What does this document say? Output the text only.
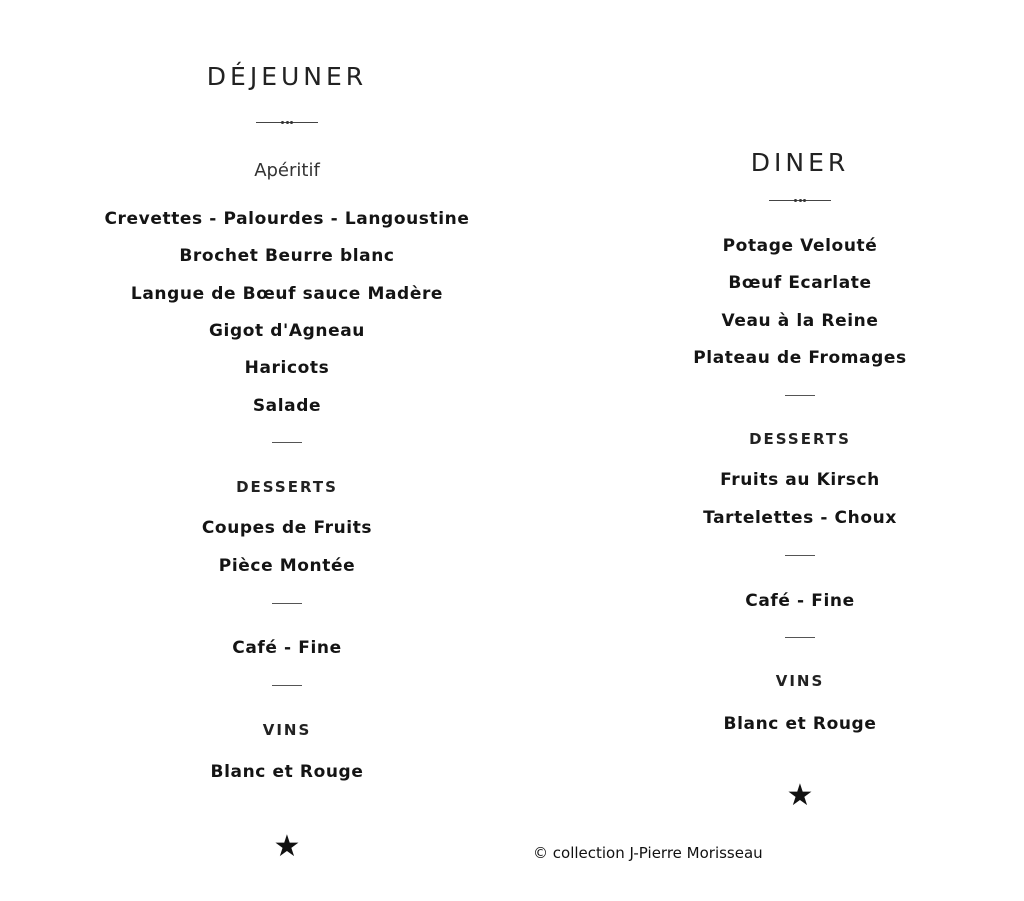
DÉJEUNER
Apéritif
Crevettes - Palourdes - Langoustine
Brochet Beurre blanc
Langue de Bœuf sauce Madère
Gigot d'Agneau
Haricots
Salade
DESSERTS
Coupes de Fruits
Pièce Montée
Café - Fine
VINS
Blanc et Rouge
★
DINER
Potage Velouté
Bœuf Ecarlate
Veau à la Reine
Plateau de Fromages
DESSERTS
Fruits au Kirsch
Tartelettes - Choux
Café - Fine
VINS
Blanc et Rouge
★
© collection J-Pierre Morisseau
